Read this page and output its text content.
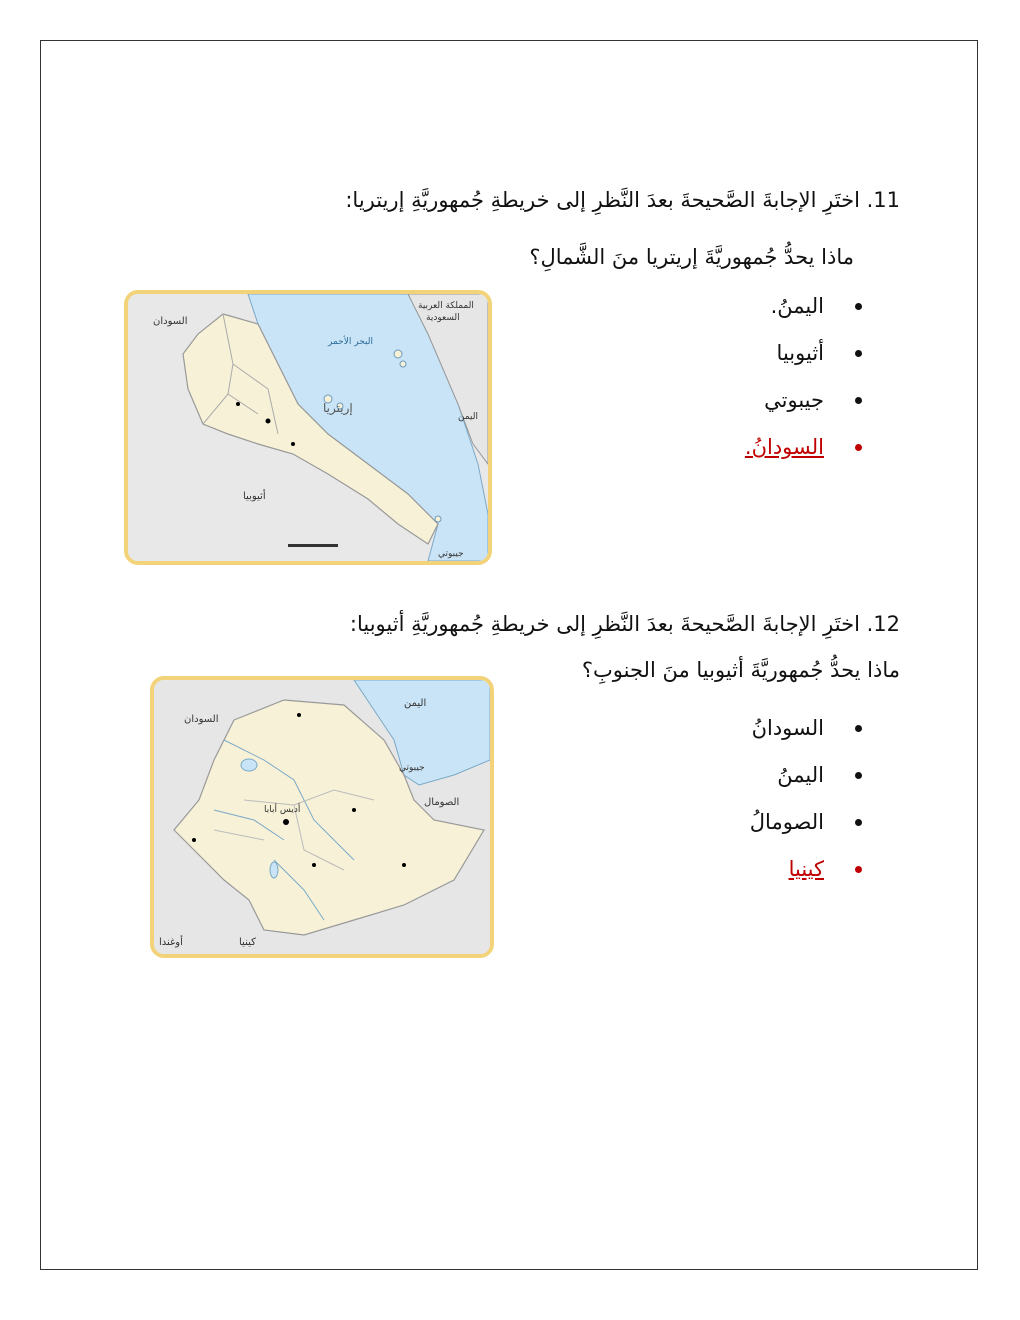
11. اختَرِ الإجابةَ الصَّحيحةَ بعدَ النَّظرِ إلى خريطةِ جُمهوريَّةِ إريتريا:
ماذا يحدُّ جُمهوريَّةَ إريتريا منَ الشَّمالِ؟
اليمنُ.
أثيوبيا
جيبوتي
السودانُ.
السودان
المملكة العربية
السعودية
البحر الأحمر
اليمن
أثيوبيا
جيبوتي
إريتريا
12. اختَرِ الإجابةَ الصَّحيحةَ بعدَ النَّظرِ إلى خريطةِ جُمهوريَّةِ أثيوبيا:
ماذا يحدُّ جُمهوريَّةَ أثيوبيا منَ الجنوبِ؟
السودانُ
اليمنُ
الصومالُ
كينيا
السودان
اليمن
جيبوتي
الصومال
كينيا
أوغندا
أديس أبابا
